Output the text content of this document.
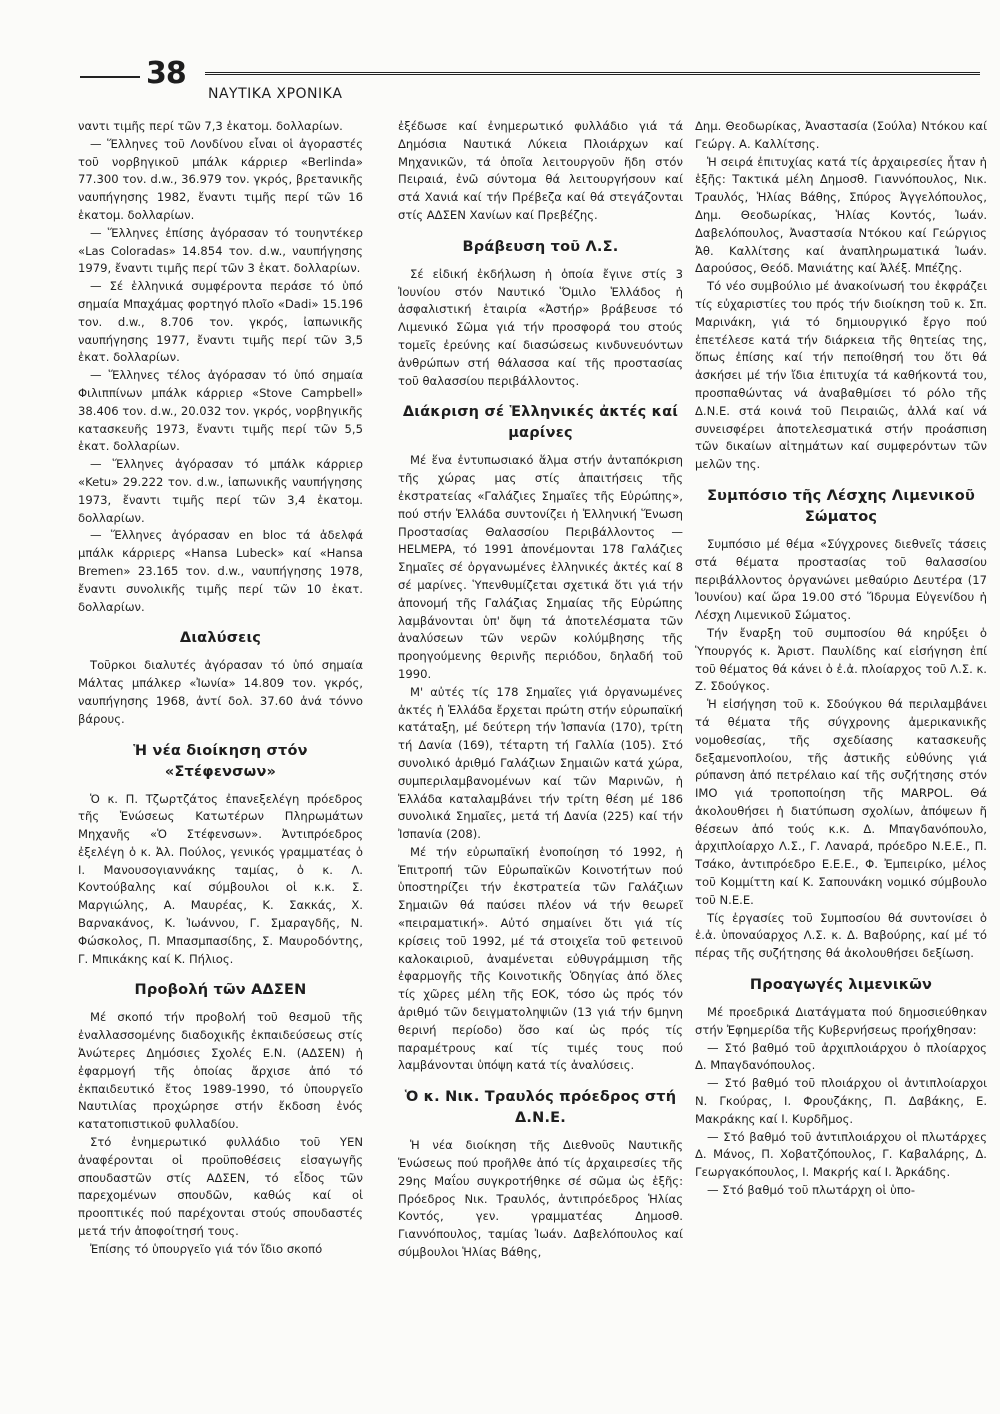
38
ΝΑΥΤΙΚΑ ΧΡΟΝΙΚΑ

ναντι τιμῆς περί τῶν 7,3 ἑκατομ. δολλαρίων.

— Ἕλληνες τοῦ Λονδίνου εἶναι οἱ ἀγοραστές τοῦ νορβηγικοῦ μπάλκ κάρριερ «Berlinda» 77.300 τον. d.w., 36.979 τον. γκρός, βρετανικῆς ναυπήγησης 1982, ἔναντι τιμῆς περί τῶν 16 ἑκατομ. δολλαρίων.

— Ἕλληνες ἐπίσης ἀγόρασαν τό τουηντέκερ «Las Coloradas» 14.854 τον. d.w., ναυπήγησης 1979, ἔναντι τιμῆς περί τῶν 3 ἑκατ. δολλαρίων.

— Σέ ἑλληνικά συμφέροντα περάσε τό ὑπό σημαία Μπαχάμας φορτηγό πλοῖο «Dadi» 15.196 τον. d.w., 8.706 τον. γκρός, ἰαπωνικῆς ναυπήγησης 1977, ἔναντι τιμῆς περί τῶν 3,5 ἑκατ. δολλαρίων.

— Ἕλληνες τέλος ἀγόρασαν τό ὑπό σημαία Φιλιππίνων μπάλκ κάρριερ «Stove Campbell» 38.406 τον. d.w., 20.032 τον. γκρός, νορβηγικῆς κατασκευῆς 1973, ἔναντι τιμῆς περί τῶν 5,5 ἑκατ. δολλαρίων.

— Ἕλληνες ἀγόρασαν τό μπάλκ κάρριερ «Ketu» 29.222 τον. d.w., ἰαπωνικῆς ναυπήγησης 1973, ἔναντι τιμῆς περί τῶν 3,4 ἑκατομ. δολλαρίων.

— Ἕλληνες ἀγόρασαν en bloc τά ἀδελφά μπάλκ κάρριερς «Hansa Lubeck» καί «Hansa Bremen» 23.165 τον. d.w., ναυπήγησης 1978, ἔναντι συνολικῆς τιμῆς περί τῶν 10 ἑκατ. δολλαρίων.

Διαλύσεις

Τοῦρκοι διαλυτές ἀγόρασαν τό ὑπό σημαία Μάλτας μπάλκερ «Ἰωνία» 14.809 τον. γκρός, ναυπήγησης 1968, ἀντί δολ. 37.60 ἀνά τόννο βάρους.

Ἡ νέα διοίκηση στόν «Στέφενσων»

Ὁ κ. Π. Τζωρτζάτος ἐπανεξελέγη πρόεδρος τῆς Ἑνώσεως Κατωτέρων Πληρωμάτων Μηχανῆς «Ὁ Στέφενσων». Ἀντιπρόεδρος ἐξελέγη ὁ κ. Ἀλ. Πούλος, γενικός γραμματέας ὁ Ι. Μανουσογιαννάκης ταμίας, ὁ κ. Λ. Κοντούβαλης καί σύμβουλοι οἱ κ.κ. Σ. Μαργιώλης, Α. Μαυρέας, Κ. Σακκάς, Χ. Βαρνακάνος, Κ. Ἰωάννου, Γ. Σμαραγδῆς, Ν. Φώσκολος, Π. Μπασμπασίδης, Σ. Μαυροδόντης, Γ. Μπικάκης καί Κ. Πήλιος.

Προβολή τῶν ΑΔΣΕΝ

Μέ σκοπό τήν προβολή τοῦ θεσμοῦ τῆς ἐναλλασσομένης διαδοχικῆς ἐκπαιδεύσεως στίς Ἀνώτερες Δημόσιες Σχολές Ε.Ν. (ΑΔΣΕΝ) ἡ ἐφαρμογή τῆς ὁποίας ἄρχισε ἀπό τό ἐκπαιδευτικό ἔτος 1989-1990, τό ὑπουργεῖο Ναυτιλίας προχώρησε στήν ἔκδοση ἑνός κατατοπιστικοῦ φυλλαδίου.

Στό ἐνημερωτικό φυλλάδιο τοῦ ΥΕΝ ἀναφέρονται οἱ προϋποθέσεις εἰσαγωγῆς σπουδαστῶν στίς ΑΔΣΕΝ, τό εἶδος τῶν παρεχομένων σπουδῶν, καθώς καί οἱ προοπτικές πού παρέχονται στούς σπουδαστές μετά τήν ἀποφοίτησή τους.

Ἐπίσης τό ὑπουργεῖο γιά τόν ἴδιο σκοπό

ἐξέδωσε καί ἐνημερωτικό φυλλάδιο γιά τά Δημόσια Ναυτικά Λύκεια Πλοιάρχων καί Μηχανικῶν, τά ὁποῖα λειτουργοῦν ἤδη στόν Πειραιά, ἐνῶ σύντομα θά λειτουργήσουν καί στά Χανιά καί τήν Πρέβεζα καί θά στεγάζονται στίς ΑΔΣΕΝ Χανίων καί Πρεβέζης.

Βράβευση τοῦ Λ.Σ.

Σέ εἰδική ἐκδήλωση ἡ ὁποία ἔγινε στίς 3 Ἰουνίου στόν Ναυτικό Ὅμιλο Ἑλλάδος ἡ ἀσφαλιστική ἑταιρία «Ἀστήρ» βράβευσε τό Λιμενικό Σῶμα γιά τήν προσφορά του στούς τομεῖς ἐρεύνης καί διασώσεως κινδυνευόντων ἀνθρώπων στή θάλασσα καί τῆς προστασίας τοῦ θαλασσίου περιβάλλοντος.

Διάκριση σέ Ἑλληνικές ἀκτές καί μαρίνες

Μέ ἕνα ἐντυπωσιακό ἅλμα στήν ἀνταπόκριση τῆς χώρας μας στίς ἀπαιτήσεις τῆς ἐκστρατείας «Γαλάζιες Σημαῖες τῆς Εὐρώπης», πού στήν Ἑλλάδα συντονίζει ἡ Ἑλληνική Ἕνωση Προστασίας Θαλασσίου Περιβάλλοντος — HELMEPA, τό 1991 ἀπονέμονται 178 Γαλάζιες Σημαῖες σέ ὀργανωμένες ἑλληνικές ἀκτές καί 8 σέ μαρίνες. Ὑπενθυμίζεται σχετικά ὅτι γιά τήν ἀπονομή τῆς Γαλάζιας Σημαίας τῆς Εὐρώπης λαμβάνονται ὑπ' ὄψη τά ἀποτελέσματα τῶν ἀναλύσεων τῶν νερῶν κολύμβησης τῆς προηγούμενης θερινῆς περιόδου, δηλαδή τοῦ 1990.

Μ' αὐτές τίς 178 Σημαῖες γιά ὀργανωμένες ἀκτές ἡ Ἑλλάδα ἔρχεται πρώτη στήν εὐρωπαϊκή κατάταξη, μέ δεύτερη τήν Ἰσπανία (170), τρίτη τή Δανία (169), τέταρτη τή Γαλλία (105). Στό συνολικό ἀριθμό Γαλάζιων Σημαιῶν κατά χώρα, συμπεριλαμβανομένων καί τῶν Μαρινῶν, ἡ Ἑλλάδα καταλαμβάνει τήν τρίτη θέση μέ 186 συνολικά Σημαῖες, μετά τή Δανία (225) καί τήν Ἰσπανία (208).

Μέ τήν εὐρωπαϊκή ἑνοποίηση τό 1992, ἡ Ἐπιτροπή τῶν Εὐρωπαϊκῶν Κοινοτήτων πού ὑποστηρίζει τήν ἐκστρατεία τῶν Γαλάζιων Σημαιῶν θά παύσει πλέον νά τήν θεωρεῖ «πειραματική». Αὐτό σημαίνει ὅτι γιά τίς κρίσεις τοῦ 1992, μέ τά στοιχεῖα τοῦ φετεινοῦ καλοκαιριοῦ, ἀναμένεται εὐθυγράμμιση τῆς ἐφαρμογῆς τῆς Κοινοτικῆς Ὁδηγίας ἀπό ὅλες τίς χῶρες μέλη τῆς ΕΟΚ, τόσο ὡς πρός τόν ἀριθμό τῶν δειγματοληψιῶν (13 γιά τήν 6μηνη θερινή περίοδο) ὅσο καί ὡς πρός τίς παραμέτρους καί τίς τιμές τους πού λαμβάνονται ὑπόψη κατά τίς ἀναλύσεις.

Ὁ κ. Νικ. Τραυλός πρόεδρος στή Δ.Ν.Ε.

Ἡ νέα διοίκηση τῆς Διεθνοῦς Ναυτικῆς Ἑνώσεως πού προῆλθε ἀπό τίς ἀρχαιρεσίες τῆς 29ης Μαΐου συγκροτήθηκε σέ σῶμα ὡς ἑξῆς: Πρόεδρος Νικ. Τραυλός, ἀντιπρόεδρος Ἡλίας Κοντός, γεν. γραμματέας Δημοσθ. Γιαννόπουλος, ταμίας Ἰωάν. Δαβελόπουλος καί σύμβουλοι Ἡλίας Βάθης,

Δημ. Θεοδωρίκας, Ἀναστασία (Σούλα) Ντόκου καί Γεώργ. Α. Καλλίτσης.

Ἡ σειρά ἐπιτυχίας κατά τίς ἀρχαιρεσίες ἦταν ἡ ἑξῆς: Τακτικά μέλη Δημοσθ. Γιαννόπουλος, Νικ. Τραυλός, Ἡλίας Βάθης, Σπύρος Ἀγγελόπουλος, Δημ. Θεοδωρίκας, Ἡλίας Κοντός, Ἰωάν. Δαβελόπουλος, Ἀναστασία Ντόκου καί Γεώργιος Ἀθ. Καλλίτσης καί ἀναπληρωματικά Ἰωάν. Δαρούσος, Θεόδ. Μανιάτης καί Ἀλέξ. Μπέζης.

Τό νέο συμβούλιο μέ ἀνακοίνωσή του ἐκφράζει τίς εὐχαριστίες του πρός τήν διοίκηση τοῦ κ. Σπ. Μαρινάκη, γιά τό δημιουργικό ἔργο πού ἐπετέλεσε κατά τήν διάρκεια τῆς θητείας της, ὅπως ἐπίσης καί τήν πεποίθησή του ὅτι θά ἀσκήσει μέ τήν ἴδια ἐπιτυχία τά καθήκοντά του, προσπαθώντας νά ἀναβαθμίσει τό ρόλο τῆς Δ.Ν.Ε. στά κοινά τοῦ Πειραιῶς, ἀλλά καί νά συνεισφέρει ἀποτελεσματικά στήν προάσπιση τῶν δικαίων αἰτημάτων καί συμφερόντων τῶν μελῶν της.

Συμπόσιο τῆς Λέσχης Λιμενικοῦ Σώματος

Συμπόσιο μέ θέμα «Σύγχρονες διεθνεῖς τάσεις στά θέματα προστασίας τοῦ θαλασσίου περιβάλλοντος ὀργανώνει μεθαύριο Δευτέρα (17 Ἰουνίου) καί ὥρα 19.00 στό Ἵδρυμα Εὐγενίδου ἡ Λέσχη Λιμενικοῦ Σώματος.

Τήν ἔναρξη τοῦ συμποσίου θά κηρύξει ὁ Ὑπουργός κ. Ἀριστ. Παυλίδης καί εἰσήγηση ἐπί τοῦ θέματος θά κάνει ὁ ἐ.ἀ. πλοίαρχος τοῦ Λ.Σ. κ. Ζ. Σδούγκος.

Ἡ εἰσήγηση τοῦ κ. Σδούγκου θά περιλαμβάνει τά θέματα τῆς σύγχρονης ἀμερικανικῆς νομοθεσίας, τῆς σχεδίασης κατασκευῆς δεξαμενοπλοίου, τῆς ἀστικῆς εὐθύνης γιά ρύπανση ἀπό πετρέλαιο καί τῆς συζήτησης στόν ΙΜΟ γιά τροποποίηση τῆς MARPOL. Θά ἀκολουθήσει ἡ διατύπωση σχολίων, ἀπόψεων ἤ θέσεων ἀπό τούς κ.κ. Δ. Μπαγδανόπουλο, ἀρχιπλοίαρχο Λ.Σ., Γ. Λαναρά, πρόεδρο Ν.Ε.Ε., Π. Τσάκο, ἀντιπρόεδρο Ε.Ε.Ε., Φ. Ἐμπειρίκο, μέλος τοῦ Κομμίττη καί Κ. Σαπουνάκη νομικό σύμβουλο τοῦ Ν.Ε.Ε.

Τίς ἐργασίες τοῦ Συμποσίου θά συντονίσει ὁ ἐ.ἀ. ὑποναύαρχος Λ.Σ. κ. Δ. Βαβούρης, καί μέ τό πέρας τῆς συζήτησης θά ἀκολουθήσει δεξίωση.

Προαγωγές λιμενικῶν

Μέ προεδρικά Διατάγματα πού δημοσιεύθηκαν στήν Ἐφημερίδα τῆς Κυβερνήσεως προήχθησαν:

— Στό βαθμό τοῦ ἀρχιπλοιάρχου ὁ πλοίαρχος Δ. Μπαγδανόπουλος.

— Στό βαθμό τοῦ πλοιάρχου οἱ ἀντιπλοίαρχοι Ν. Γκούρας, Ι. Φρουζάκης, Π. Δαβάκης, Ε. Μακράκης καί Ι. Κυρδῆμος.

— Στό βαθμό τοῦ ἀντιπλοιάρχου οἱ πλωτάρχες Δ. Μάνος, Π. Χοβατζόπουλος, Γ. Καβαλάρης, Δ. Γεωργακόπουλος, Ι. Μακρής καί Ι. Ἀρκάδης.

— Στό βαθμό τοῦ πλωτάρχη οἱ ὑπο-
